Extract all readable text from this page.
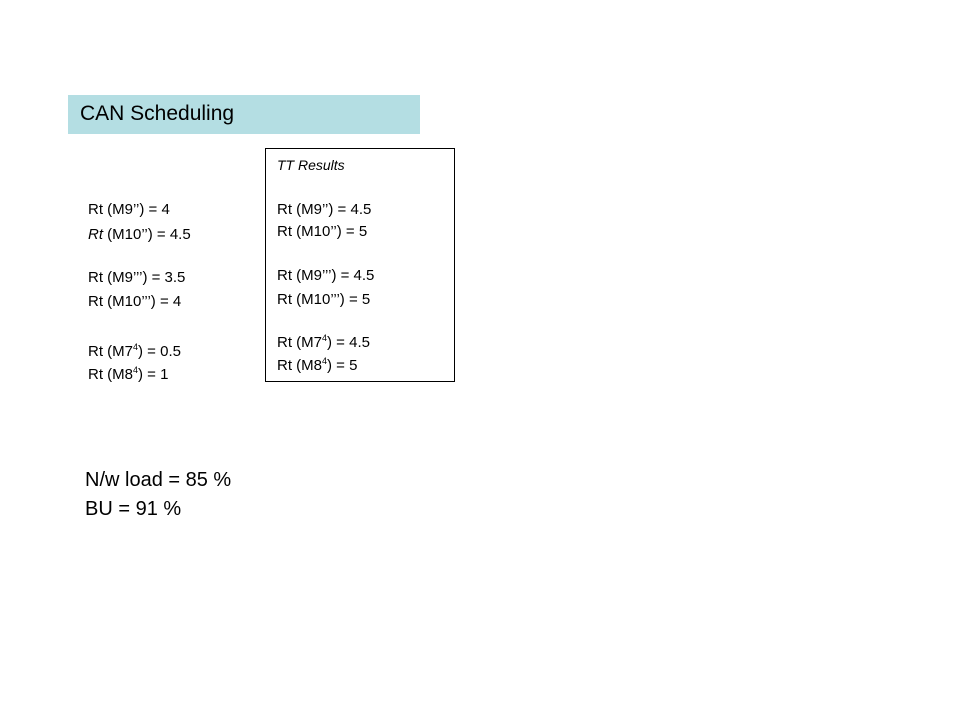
CAN Scheduling
Rt (M9’’) = 4
Rt (M10’’) = 4.5
Rt (M9’’’) = 3.5
Rt (M10’’’) = 4
Rt $(M7^4) = 0.5$
Rt $(M8^4) = 1$
TT Results
Rt (M9’’) = 4.5
Rt (M10’’) = 5
Rt (M9’’’) = 4.5
Rt (M10’’’) = 5
Rt $(M7^4) = 4.5$
Rt $(M8^4) = 5$
N/w load = 85 %
BU = 91 %
